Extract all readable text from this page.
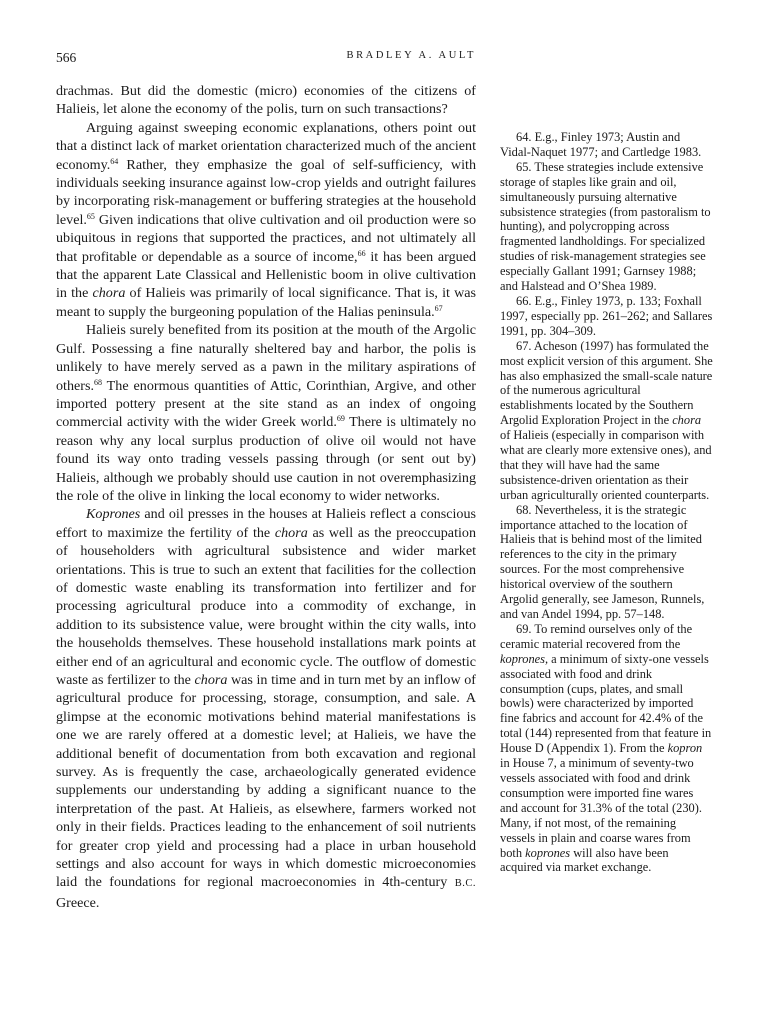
566	BRADLEY A. AULT

drachmas. But did the domestic (micro) economies of the citizens of Halieis, let alone the economy of the polis, turn on such transactions?

Arguing against sweeping economic explanations, others point out that a distinct lack of market orientation characterized much of the ancient economy.$^{64}$ Rather, they emphasize the goal of self-sufficiency, with individuals seeking insurance against low-crop yields and outright failures by incorporating risk-management or buffering strategies at the household level.$^{65}$ Given indications that olive cultivation and oil production were so ubiquitous in regions that supported the practices, and not ultimately all that profitable or dependable as a source of income,$^{66}$ it has been argued that the apparent Late Classical and Hellenistic boom in olive cultivation in the chora of Halieis was primarily of local significance. That is, it was meant to supply the burgeoning population of the Halias peninsula.$^{67}$

Halieis surely benefited from its position at the mouth of the Argolic Gulf. Possessing a fine naturally sheltered bay and harbor, the polis is unlikely to have merely served as a pawn in the military aspirations of others.$^{68}$ The enormous quantities of Attic, Corinthian, Argive, and other imported pottery present at the site stand as an index of ongoing commercial activity with the wider Greek world.$^{69}$ There is ultimately no reason why any local surplus production of olive oil would not have found its way onto trading vessels passing through (or sent out by) Halieis, although we probably should use caution in not overemphasizing the role of the olive in linking the local economy to wider networks.

Koprones and oil presses in the houses at Halieis reflect a conscious effort to maximize the fertility of the chora as well as the preoccupation of householders with agricultural subsistence and wider market orientations. This is true to such an extent that facilities for the collection of domestic waste enabling its transformation into fertilizer and for processing agricultural produce into a commodity of exchange, in addition to its subsistence value, were brought within the city walls, into the households themselves. These household installations mark points at either end of an agricultural and economic cycle. The outflow of domestic waste as fertilizer to the chora was in time and in turn met by an inflow of agricultural produce for processing, storage, consumption, and sale. A glimpse at the economic motivations behind material manifestations is one we are rarely offered at a domestic level; at Halieis, we have the additional benefit of documentation from both excavation and regional survey. As is frequently the case, archaeologically generated evidence supplements our understanding by adding a significant nuance to the interpretation of the past. At Halieis, as elsewhere, farmers worked not only in their fields. Practices leading to the enhancement of soil nutrients for greater crop yield and processing had a place in urban household settings and also account for ways in which domestic microeconomies laid the foundations for regional macroeconomies in 4th-century B.C. Greece.

64. E.g., Finley 1973; Austin and Vidal-Naquet 1977; and Cartledge 1983.

65. These strategies include extensive storage of staples like grain and oil, simultaneously pursuing alternative subsistence strategies (from pastoralism to hunting), and polycropping across fragmented landholdings. For specialized studies of risk-management strategies see especially Gallant 1991; Garnsey 1988; and Halstead and O’Shea 1989.

66. E.g., Finley 1973, p. 133; Foxhall 1997, especially pp. 261–262; and Sallares 1991, pp. 304–309.

67. Acheson (1997) has formulated the most explicit version of this argument. She has also emphasized the small-scale nature of the numerous agricultural establishments located by the Southern Argolid Exploration Project in the chora of Halieis (especially in comparison with what are clearly more extensive ones), and that they will have had the same subsistence-driven orientation as their urban agriculturally oriented counterparts.

68. Nevertheless, it is the strategic importance attached to the location of Halieis that is behind most of the limited references to the city in the primary sources. For the most comprehensive historical overview of the southern Argolid generally, see Jameson, Runnels, and van Andel 1994, pp. 57–148.

69. To remind ourselves only of the ceramic material recovered from the koprones, a minimum of sixty-one vessels associated with food and drink consumption (cups, plates, and small bowls) were characterized by imported fine fabrics and account for 42.4% of the total (144) represented from that feature in House D (Appendix 1). From the kopron in House 7, a minimum of seventy-two vessels associated with food and drink consumption were imported fine wares and account for 31.3% of the total (230). Many, if not most, of the remaining vessels in plain and coarse wares from both koprones will also have been acquired via market exchange.
